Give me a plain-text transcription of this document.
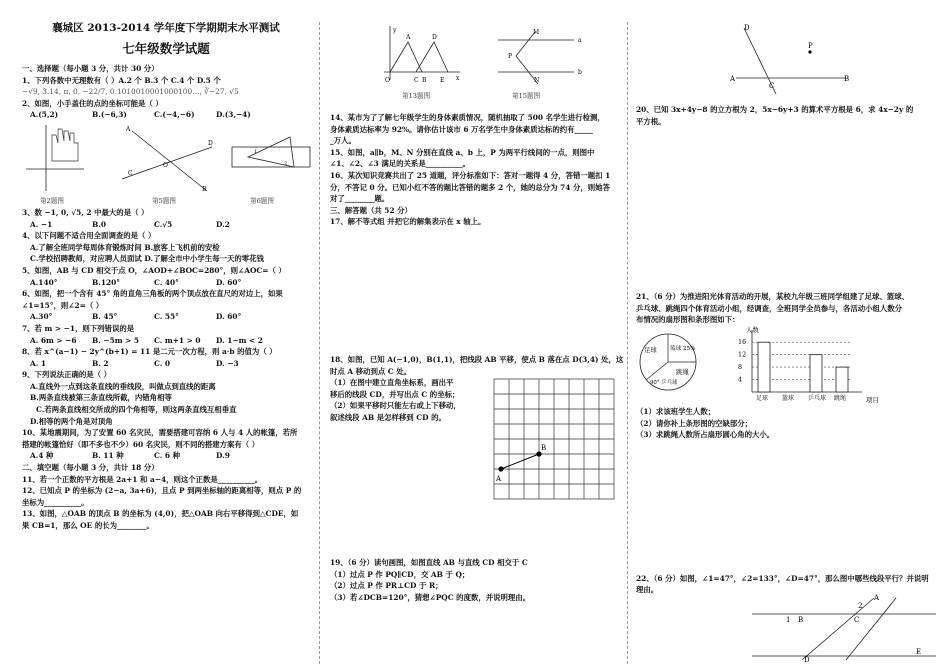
襄城区 2013-2014 学年度下学期期末水平测试
七年级数学试题
一、选择题（每小题 3 分，共计 30 分）
1、下列各数中无理数有（ ）A.2 个 B.3 个 C.4 个 D.5 个
−√9, 3.14, π, 0, −22/7, 0.1010010001000100…, ∛−27, √5
2、如图，小手盖住的点的坐标可能是（ ）
A.(5,2)	B.(−6,3)	C.(−4,−6)	D.(3,−4)
A
C
O
D
B
1
2
第2题图	第5题图	第6题图
3、数 −1, 0, √5, 2 中最大的是（ ）
A. −1	B.0	C.√5	D.2
4、以下问题不适合用全面调查的是（ ）
A.了解全班同学每周体育锻炼时间 B.旅客上飞机前的安检
C.学校招聘教师，对应聘人员面试 D.了解全市中小学生每一天的零花钱
5、如图，AB 与 CD 相交于点 O，∠AOD+∠BOC=280°，则∠AOC=（ ）
A.140°	B.120°	C. 40°	D. 60°
6、如图，把一个含有 45° 角的直角三角板的两个顶点放在直尺的对边上，如果
∠1=15°，则∠2=（ ）
A.30°	B. 45°	C. 55°	D. 60°
7、若 m > −1，则下列错误的是
A. 6m > −6	B. −5m > 5	C. m+1 > 0	D. 1−m < 2
8、若 x^(a−1) − 2y^(b+1) = 11 是二元一次方程，则 a·b 的值为（ ）
A. 1	B. 2	C. 0	D. −3
9、下列说法正确的是（ ）
A.直线外一点到这条直线的垂线段，叫做点到直线的距离
B.两条直线被第三条直线所截，内错角相等
C.若两条直线相交所成的四个角相等，则这两条直线互相垂直
D.相等的两个角是对顶角
10、某地震期间，为了安置 60 名灾民，需要搭建可容纳 6 人与 4 人的帐篷，若所
搭建的帐篷恰好（即不多也不少）60 名灾民，则不同的搭建方案有（ ）
A.4 种	B. 11 种	C. 6 种	D.9
二、填空题（每小题 3 分，共计 18 分）
11、若一个正数的平方根是 2a+1 和 a−4，则这个正数是__________。
12、已知点 P 的坐标为 (2−a, 3a+6)，且点 P 到两坐标轴的距离相等，则点 P 的
坐标为__________。
13、如图，△OAB 的顶点 B 的坐标为 (4,0)，把△OAB 向右平移得到△CDE，如
果 CB=1，那么 OE 的长为________。
y
A	D
O	C B E x
a
b
M
P
N
第13题图	第15题图
14、某市为了了解七年级学生的身体素质情况，随机抽取了 500 名学生进行检测，
身体素质达标率为 92%。请你估计该市 6 万名学生中身体素质达标的约有_____
_万人。
15、如图，a∥b，M、N 分别在直线 a、b 上，P 为两平行线间的一点，则图中
∠1、∠2、∠3 满足的关系是__________。
16、某次知识竞赛共出了 25 道题，评分标准如下：答对一题得 4 分，答错一题扣 1
分，不答记 0 分。已知小红不答的题比答错的题多 2 个，她的总分为 74 分，则她答
对了________题。
三、解答题（共 52 分）
17、解不等式组 并把它的解集表示在 x 轴上。
18、如图，已知 A(−1,0)，B(1,1)，把线段 AB 平移，使点 B 落在点 D(3,4) 处，这
时点 A 移动到点 C 处。
（1）在图中建立直角坐标系，画出平
移后的线段 CD，并写出点 C 的坐标；
（2）如果平移时只能左右或上下移动，
叙述线段 AB 是怎样移到 CD 的。
A
B
19、（6 分）读句画图，如图直线 AB 与直线 CD 相交于 C
（1）过点 P 作 PQ∥CD，交 AB 于 Q；
（2）过点 P 作 PR⊥CD 于 R；
（3）若∠DCB=120°，猜想∠PQC 的度数，并说明理由。
D
A
C
B
P
20、已知 3x+4y−8 的立方根为 2，5x−6y+3 的算术平方根是 6，求 4x−2y 的
平方根。
21、（6 分）为推进阳光体育活动的开展，某校九年级三班同学组建了足球、篮球、
乒乓球、跳绳四个体育活动小组，经调查，全班同学全员参与，各活动小组人数分
布情况的扇形图和条形图如下：
足球 篮球 25%
跳绳
90° 乒乓球
人数
项目
4
8
12
16
足球 篮球 乒乓球 跳绳
（1）求该班学生人数；
（2）请你补上条形图的空缺部分；
（3）求跳绳人数所占扇形圆心角的大小。
22、（6 分）如图，∠1=47°，∠2=133°，∠D=47°，那么图中哪些线段平行？并说明
理由。
1 B	C
2
A
D
E
